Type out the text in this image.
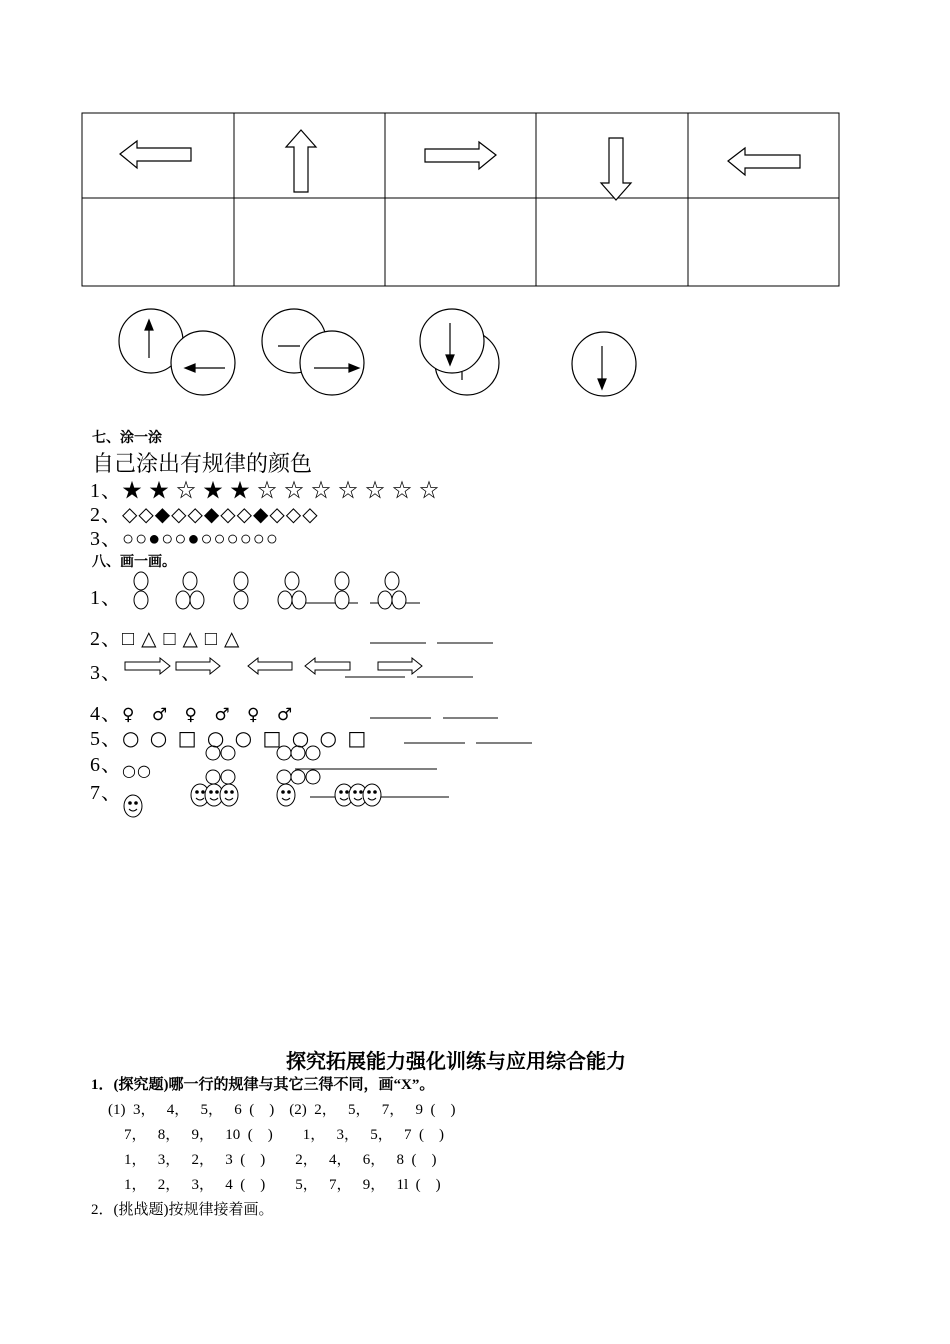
七、涂一涂
自己涂出有规律的颜色
1、★ ★ ☆ ★ ★ ☆ ☆ ☆ ☆ ☆ ☆ ☆
2、◇◇◆◇◇◆◇◇◆◇◇◇
3、○○●○○●○○○○○○
八、画一画。
1、
2、□ △ □ △ □ △
3、
4、♀ ♂ ♀ ♂ ♀ ♂
5、○ ○ □ ○ ○ □ ○ ○ □
6、$_{○○}$
7、
探究拓展能力强化训练与应用综合能力
1．(探究题)哪一行的规律与其它三得不同，画“X”。
(1)  3，   4，   5，   6  (    )    (2)  2，   5，   7，   9  (    )
7，   8，   9，   10  (    )        1，   3，   5，   7  (    )
1，   3，   2，   3  (    )        2，   4，   6，   8  (    )
1，   2，   3，   4  (    )        5，   7，   9，   1l  (    )
2．(挑战题)按规律接着画。
